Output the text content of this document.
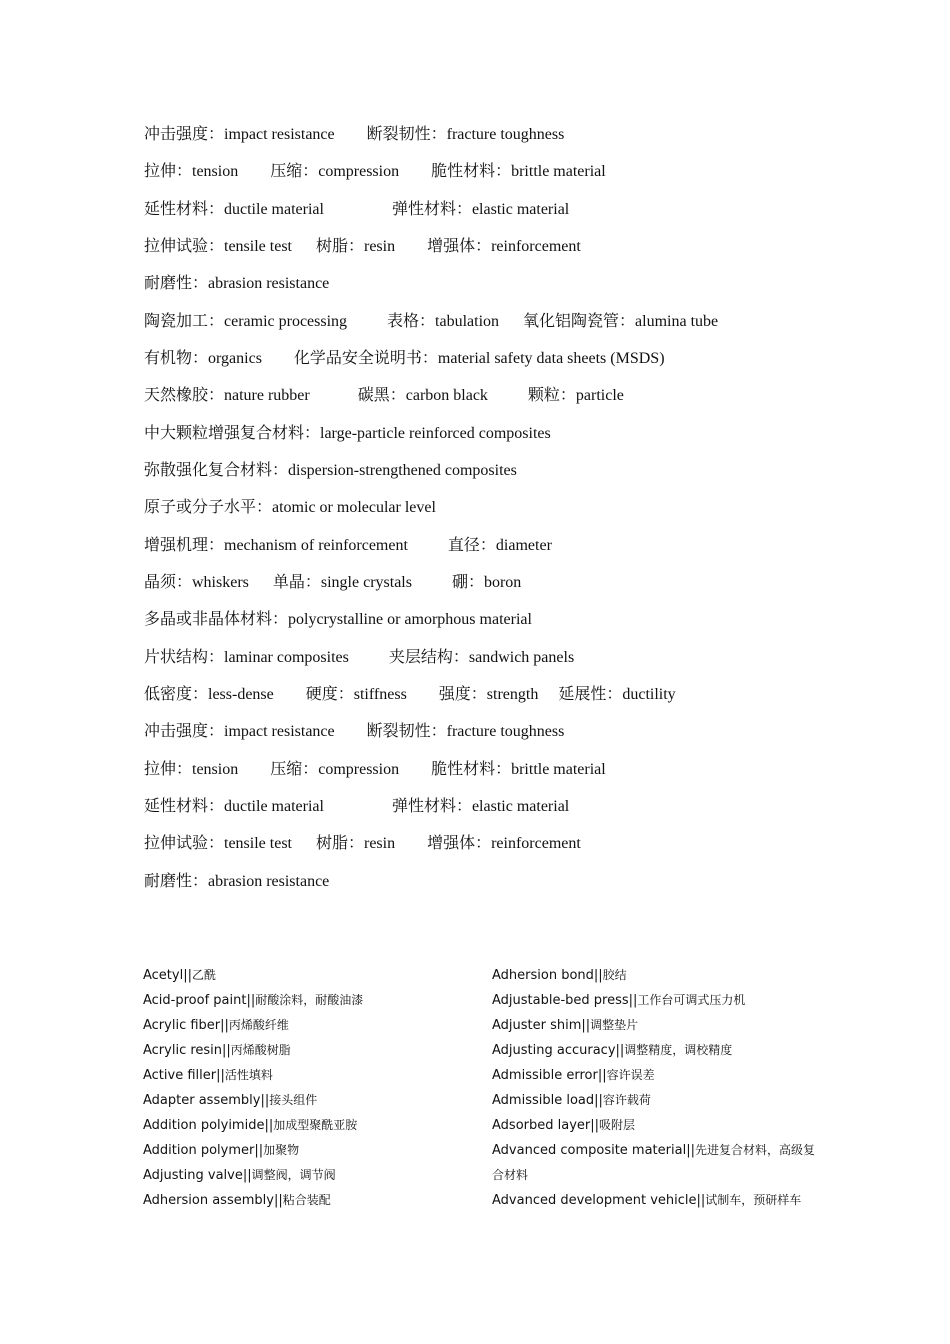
冲击强度：impact resistance        断裂韧性：fracture toughness
拉伸：tension        压缩：compression        脆性材料：brittle material
延性材料：ductile material                 弹性材料：elastic material
拉伸试验：tensile test      树脂：resin        增强体：reinforcement
耐磨性：abrasion resistance
陶瓷加工：ceramic processing          表格：tabulation      氧化铝陶瓷管：alumina tube
有机物：organics        化学品安全说明书：material safety data sheets (MSDS)
天然橡胶：nature rubber            碳黑：carbon black          颗粒：particle
中大颗粒增强复合材料：large-particle reinforced composites
弥散强化复合材料：dispersion-strengthened composites
原子或分子水平：atomic or molecular level
增强机理：mechanism of reinforcement          直径：diameter
晶须：whiskers      单晶：single crystals          硼：boron
多晶或非晶体材料：polycrystalline or amorphous material
片状结构：laminar composites          夹层结构：sandwich panels
低密度：less-dense        硬度：stiffness        强度：strength     延展性：ductility
冲击强度：impact resistance        断裂韧性：fracture toughness
拉伸：tension        压缩：compression        脆性材料：brittle material
延性材料：ductile material                 弹性材料：elastic material
拉伸试验：tensile test      树脂：resin        增强体：reinforcement
耐磨性：abrasion resistance
Acetyl||乙酰
Acid-proof paint||耐酸涂料，耐酸油漆
Acrylic fiber||丙烯酸纤维
Acrylic resin||丙烯酸树脂
Active filler||活性填料
Adapter assembly||接头组件
Addition polyimide||加成型聚酰亚胺
Addition polymer||加聚物
Adjusting valve||调整阀，调节阀
Adhersion assembly||粘合装配
Adhersion bond||胶结
Adjustable-bed press||工作台可调式压力机
Adjuster shim||调整垫片
Adjusting accuracy||调整精度，调校精度
Admissible error||容许误差
Admissible load||容许载荷
Adsorbed layer||吸附层
Advanced composite material||先进复合材料，高级复合材料
Advanced development vehicle||试制车，预研样车
